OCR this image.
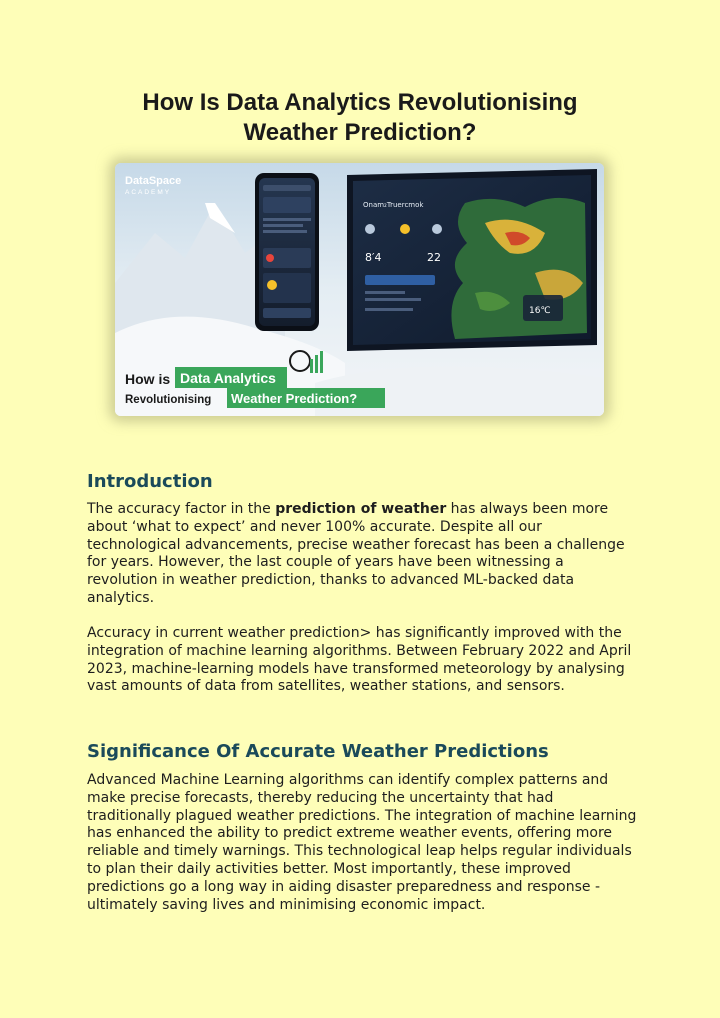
How Is Data Analytics Revolutionising
Weather Prediction?
DataSpace
ACADEMY
Onam₂Truercmok
8′4	22
16℃
How is Data Analytics
Revolutionising Weather Prediction?
Introduction

The accuracy factor in the prediction of weather has always been more about ‘what to expect’ and never 100% accurate. Despite all our technological advancements, precise weather forecast has been a challenge for years. However, the last couple of years have been witnessing a revolution in weather prediction, thanks to advanced ML-backed data analytics.

Accuracy in current weather prediction> has significantly improved with the integration of machine learning algorithms. Between February 2022 and April 2023, machine-learning models have transformed meteorology by analysing vast amounts of data from satellites, weather stations, and sensors.

Significance Of Accurate Weather Predictions

Advanced Machine Learning algorithms can identify complex patterns and make precise forecasts, thereby reducing the uncertainty that had traditionally plagued weather predictions. The integration of machine learning has enhanced the ability to predict extreme weather events, offering more reliable and timely warnings. This technological leap helps regular individuals to plan their daily activities better. Most importantly, these improved predictions go a long way in aiding disaster preparedness and response -ultimately saving lives and minimising economic impact.
